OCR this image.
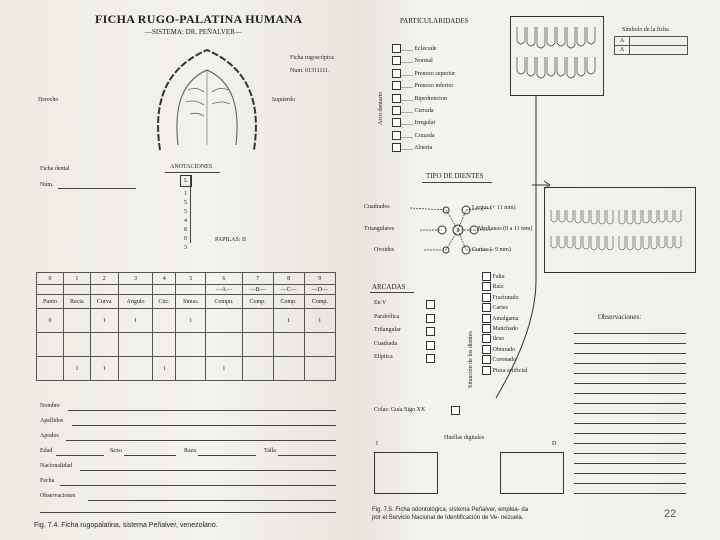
FICHA RUGO-PALATINA HUMANA
—SISTEMA: DR. PEÑALVER—
Ficha rugoscópica
Num. 01311111.
Derecho	Izquierdo
Ficha dental
Núm.
ANOTACIONES
L
1
5
5
4
8
0
3
PAPILAS: II
0	1	2	3	4	5	6	7	8	9
						—A—	—B—	—C—	—D—
Punto	Recta	Curva	Angulo	Circ.	Sinuo.	Compu.	Comp.	Comp.	Comp.
0		1	1		1			1	1

	1	1		1		1			
Nombre
Apellidos
Apodos
Edad	Sexo	Raza	Talla
Nacionalidad
Fecha
Observaciones
Fig. 7.4. Ficha rugopalatina, sistema Peñalver, venezolano.
PARTICULARIDADES
Arco dentario
____ Eclecude
____ Normal
____ Prenoso superior
____ Prenoso inferior
____ Bipedrencion
____ Cerrada
____ Irregular
____ Cruzada
____ Abierta
Símbolo de la ficha
A	
A	
TIPO DE DIENTES
Cuadrados
Triangulares
Ovoides
Largos (+ 11 mm)
Medianos (9 a 11 mm)
Cortos (- 9 mm)
ARCADAS
En V
Parabólica
Trilangular
Cuadrada
Elíptica	Situación de los dientes
Falta
Raíz
Fracturado
Caries
Amalgama
Manchado
Ileso
Obturado
Coronado
Pieza artificial
Observaciones:
Colas: Guía Sigo XX
Huellas digitales
I	D
Fig. 7.5. Ficha odontológica, sistema Peñalver, emplea- da por el Servicio Nacional de Identificación de Ve- nezuela.	22
